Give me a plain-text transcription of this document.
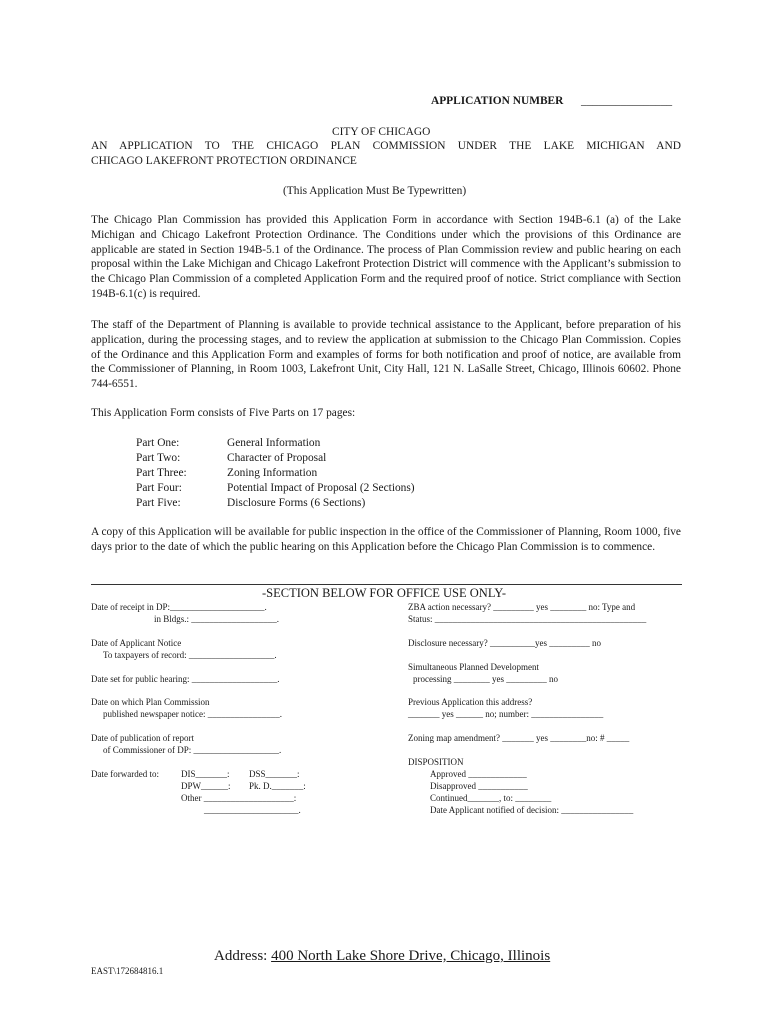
APPLICATION NUMBER ________________
CITY OF CHICAGO
AN APPLICATION TO THE CHICAGO PLAN COMMISSION UNDER THE LAKE MICHIGAN AND
CHICAGO LAKEFRONT PROTECTION ORDINANCE
(This Application Must Be Typewritten)
The Chicago Plan Commission has provided this Application Form in accordance with Section 194B-6.1 (a) of the Lake Michigan and Chicago Lakefront Protection Ordinance. The Conditions under which the provisions of this Ordinance are applicable are stated in Section 194B-5.1 of the Ordinance. The process of Plan Commission review and public hearing on each proposal within the Lake Michigan and Chicago Lakefront Protection District will commence with the Applicant’s submission to the Chicago Plan Commission of a completed Application Form and the required proof of notice. Strict compliance with Section 194B-6.1(c) is required.
The staff of the Department of Planning is available to provide technical assistance to the Applicant, before preparation of his application, during the processing stages, and to review the application at submission to the Chicago Plan Commission. Copies of the Ordinance and this Application Form and examples of forms for both notification and proof of notice, are available from the Commissioner of Planning, in Room 1003, Lakefront Unit, City Hall, 121 N. LaSalle Street, Chicago, Illinois 60602. Phone 744-6551.
This Application Form consists of Five Parts on 17 pages:
Part One:	General Information
Part Two:	Character of Proposal
Part Three:	Zoning Information
Part Four:	Potential Impact of Proposal (2 Sections)
Part Five:	Disclosure Forms (6 Sections)
A copy of this Application will be available for public inspection in the office of the Commissioner of Planning, Room 1000, five days prior to the date of which the public hearing on this Application before the Chicago Plan Commission is to commence.
-SECTION BELOW FOR OFFICE USE ONLY-
Date of receipt in DP:_____________________.
in Bldgs.: ___________________.
Date of Applicant Notice
To taxpayers of record: ___________________.
Date set for public hearing: ___________________.
Date on which Plan Commission
published newspaper notice: ________________.
Date of publication of report
of Commissioner of DP: ___________________.
Date forwarded to: DIS_______: DSS_______:
DPW______: Pk. D._______:
Other ____________________:
_____________________.
ZBA action necessary? _________ yes ________ no: Type and
Status: _______________________________________________
Disclosure necessary? __________yes _________ no
Simultaneous Planned Development
processing ________ yes _________ no
Previous Application this address?
_______ yes ______ no; number: ________________
Zoning map amendment? _______ yes ________no: # _____
DISPOSITION
Approved _____________
Disapproved ___________
Continued_______, to: ________
Date Applicant notified of decision: ________________
Address: 400 North Lake Shore Drive, Chicago, Illinois
EAST\172684816.1
